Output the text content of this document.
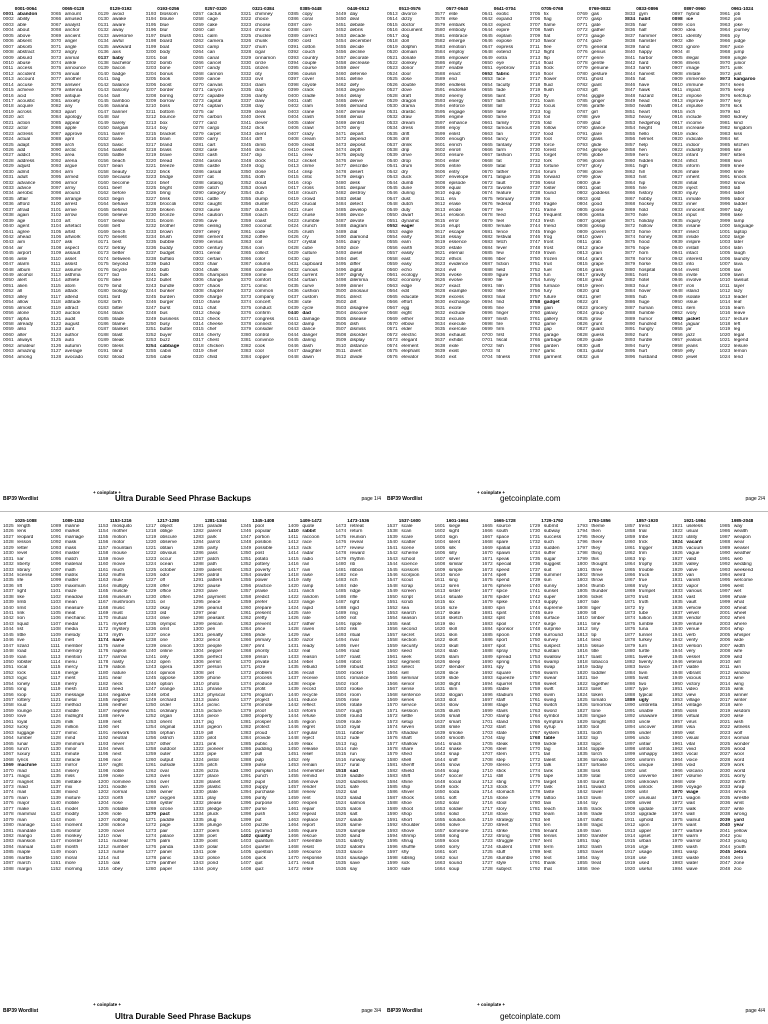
0001-0064
0001 abandon
0002 ability
0003 able
0004 about
0005 above
0006 absent
0007 absorb
0008 abstract
0009 absurd
0010 abuse
0011 access
0012 accident
0013 account
0014 accuse
0015 achieve
0016 acid
0017 acoustic
0018 acquire
0019 across
0020 act
0021 action
0022 actor
0023 actress
0024 actual
0025 adapt
0026 add
0027 addict
0028 address
0029 adjust
0030 admit
0031 adult
0032 advance
0033 advice
0034 aerobic
0035 affair
0036 afford
0037 afraid
0038 again
0039 age
0040 agent
0041 agree
0042 ahead
0043 aim
0044 air
0045 airport
0046 aisle
0047 alarm
0048 album
0049 alcohol
0050 alert
0051 alien
0052 all
0053 alley
0054 allow
0055 almost
0056 alone
0057 alpha
0058 already
0059 also
0060 alter
0061 always
0062 amateur
0063 amazing
0064 among
0065-0128
0065 amount
0066 amused
0067 analyst
0068 anchor
0069 ancient
0070 anger
0071 angle
0072 angry
0073 animal
0074 ankle
0075 announce
0076 annual
0077 another
0078 answer
0079 antenna
0080 antique
0081 anxiety
0082 any
0083 apart
0084 apology
0085 appear
0086 apple
0087 approve
0088 april
0089 arch
0090 arctic
0091 area
0092 arena
0093 argue
0094 arm
0095 armed
0096 armor
0097 army
0098 around
0099 arrange
0100 arrest
0101 arrive
0102 arrow
0103 art
0104 artefact
0105 artist
0106 artwork
0107 ask
0108 aspect
0109 assault
0110 asset
0111 assist
0112 assume
0113 asthma
0114 athlete
0115 atom
0116 attack
0117 attend
0118 attitude
0119 attract
0120 auction
0121 audit
0122 august
0123 aunt
0124 author
0125 auto
0126 autumn
0127 average
0128 avocado
0129-0192
0129 avoid
0130 awake
0131 aware
0132 away
0133 awesome
0134 awful
0135 awkward
0136 axis
0137 baby
0138 bachelor
0139 bacon
0140 badge
0141 bag
0142 balance
0143 balcony
0144 ball
0145 bamboo
0146 banana
0147 banner
0148 bar
0149 barely
0150 bargain
0151 barrel
0152 base
0153 basic
0154 basket
0155 battle
0156 beach
0157 bean
0158 beauty
0159 because
0160 become
0161 beef
0162 before
0163 begin
0164 behave
0165 behind
0166 believe
0167 below
0168 belt
0169 bench
0170 benefit
0171 best
0172 betray
0173 better
0174 between
0175 beyond
0176 bicycle
0177 bid
0178 bike
0179 bind
0180 biology
0181 bird
0182 birth
0183 bitter
0184 black
0185 blade
0186 blame
0187 blanket
0188 blast
0189 bleak
0190 bless
0191 blind
0192 blood
0193-0256
0193 blossom
0194 blouse
0195 blue
0196 blur
0197 blush
0198 board
0199 boat
0200 body
0201 boil
0202 bomb
0203 bone
0204 bonus
0205 book
0206 boost
0207 border
0208 boring
0209 borrow
0210 boss
0211 bottom
0212 bounce
0213 box
0214 boy
0215 bracket
0216 brain
0217 brand
0218 brass
0219 brave
0220 bread
0221 breeze
0222 brick
0223 bridge
0224 brief
0225 bright
0226 bring
0227 brisk
0228 broccoli
0229 broken
0230 bronze
0231 broom
0232 brother
0233 brown
0234 brush
0235 bubble
0236 buddy
0237 budget
0238 buffalo
0239 build
0240 bulb
0241 bulk
0242 bullet
0243 bundle
0244 bunker
0245 burden
0246 burger
0247 burst
0248 bus
0249 business
0250 busy
0251 butter
0252 buyer
0253 buzz
0254 cabbage
0255 cabin
0256 cable
0257-0320
0257 cactus
0258 cage
0259 cake
0260 call
0261 calm
0262 camera
0263 camp
0264 can
0265 canal
0266 cancel
0267 candy
0268 cannon
0269 canoe
0270 canvas
0271 canyon
0272 capable
0273 capital
0274 captain
0275 car
0276 carbon
0277 card
0278 cargo
0279 carpet
0280 carry
0281 cart
0282 case
0283 cash
0284 casino
0285 castle
0286 casual
0287 cat
0288 catalog
0289 catch
0290 category
0291 cattle
0292 caught
0293 cause
0294 caution
0295 cave
0296 ceiling
0297 celery
0298 cement
0299 census
0300 century
0301 cereal
0302 certain
0303 chair
0304 chalk
0305 champion
0306 change
0307 chaos
0308 chapter
0309 charge
0310 chase
0311 chat
0312 cheap
0313 check
0314 cheese
0315 chef
0316 cherry
0317 chest
0318 chicken
0319 chief
0320 child
0321-0384
0321 chimney
0322 choice
0323 choose
0324 chronic
0325 chuckle
0326 chunk
0327 churn
0328 cigar
0329 cinnamon
0330 circle
0331 citizen
0332 city
0333 civil
0334 claim
0335 clap
0336 clarify
0337 claw
0338 clay
0339 clean
0340 clerk
0341 clever
0342 click
0343 client
0344 cliff
0345 climb
0346 clinic
0347 clip
0348 clock
0349 clog
0350 close
0351 cloth
0352 cloud
0353 clown
0354 club
0355 clump
0356 cluster
0357 clutch
0358 coach
0359 coast
0360 coconut
0361 code
0362 coffee
0363 coil
0364 coin
0365 collect
0366 color
0367 column
0368 combine
0369 come
0370 comfort
0371 comic
0372 common
0373 company
0374 concert
0375 conduct
0376 confirm
0377 congress
0378 connect
0379 consider
0380 control
0381 convince
0382 cook
0383 cool
0384 copper
0385-0448
0385 copy
0386 coral
0387 core
0388 corn
0389 correct
0390 cost
0391 cotton
0392 couch
0393 country
0394 couple
0395 course
0396 cousin
0397 cover
0398 coyote
0399 crack
0400 cradle
0401 craft
0402 cram
0403 crane
0404 crash
0405 crater
0406 crawl
0407 crazy
0408 cream
0409 credit
0410 creek
0411 crew
0412 cricket
0413 crime
0414 crisp
0415 critic
0416 crop
0417 cross
0418 crouch
0419 crowd
0420 crucial
0421 cruel
0422 cruise
0423 crumble
0424 crunch
0425 crush
0426 cry
0427 crystal
0428 cube
0429 culture
0430 cup
0431 cupboard
0432 curious
0433 current
0434 curtain
0435 curve
0436 cushion
0437 custom
0438 cute
0439 cycle
0440 dad
0441 damage
0442 damp
0443 dance
0444 danger
0445 daring
0446 dash
0447 daughter
0448 dawn
0449-0512
0449 day
0450 deal
0451 debate
0452 debris
0453 decade
0454 december
0455 decide
0456 decline
0457 decorate
0458 decrease
0459 deer
0460 defense
0461 define
0462 defy
0463 degree
0464 delay
0465 deliver
0466 demand
0467 demise
0468 denial
0469 dentist
0470 deny
0471 depart
0472 depend
0473 deposit
0474 depth
0475 deputy
0476 derive
0477 describe
0478 desert
0479 design
0480 desk
0481 despair
0482 destroy
0483 detail
0484 detect
0485 develop
0486 device
0487 devote
0488 diagram
0489 dial
0490 diamond
0491 diary
0492 dice
0493 diesel
0494 diet
0495 differ
0496 digital
0497 dignity
0498 dilemma
0499 dinner
0500 dinosaur
0501 direct
0502 dirt
0503 disagree
0504 discover
0505 disease
0506 dish
0507 dismiss
0508 disorder
0509 display
0510 distance
0511 divert
0512 divide
BIP39 Wordlist
+ coinplate +
page 1/4
0513-0576
0513 divorce
0514 dizzy
0515 doctor
0516 document
0517 dog
0518 doll
0519 dolphin
0520 domain
0521 donate
0522 donkey
0523 donor
0524 door
0525 dose
0526 double
0527 dove
0528 draft
0529 dragon
0530 drama
0531 drastic
0532 draw
0533 dream
0534 dress
0535 drift
0536 drill
0537 drink
0538 drip
0539 drive
0540 drop
0541 drum
0542 dry
0543 duck
0544 dumb
0545 dune
0546 during
0547 dust
0548 dutch
0549 duty
0550 dwarf
0551 dynamic
0552 eager
0553 eagle
0554 early
0555 earn
0556 earth
0557 easily
0558 east
0559 easy
0560 echo
0561 ecology
0562 economy
0563 edge
0564 edit
0565 educate
0566 effort
0567 egg
0568 eight
0569 either
0570 elbow
0571 elder
0572 electric
0573 elegant
0574 element
0575 elephant
0576 elevator
0577-0640
0577 elite
0578 else
0579 embark
0580 embody
0581 embrace
0582 emerge
0583 emotion
0584 employ
0585 empower
0586 empty
0587 enable
0588 enact
0589 end
0590 endless
0591 endorse
0592 enemy
0593 energy
0594 enforce
0595 engage
0596 engine
0597 enhance
0598 enjoy
0599 enlist
0600 enough
0601 enrich
0602 enroll
0603 ensure
0604 enter
0605 entire
0606 entry
0607 envelope
0608 episode
0609 equal
0610 equip
0611 era
0612 erase
0613 erode
0614 erosion
0615 error
0616 erupt
0617 escape
0618 essay
0619 essence
0620 estate
0621 eternal
0622 ethics
0623 evidence
0624 evil
0625 evoke
0626 evolve
0627 exact
0628 example
0629 excess
0630 exchange
0631 excite
0632 exclude
0633 excuse
0634 execute
0635 exercise
0636 exhaust
0637 exhibit
0638 exile
0639 exist
0640 exit
0641-0704
0641 exotic
0642 expand
0643 expect
0644 expire
0645 explain
0646 expose
0647 express
0648 extend
0649 extra
0650 eye
0651 eyebrow
0652 fabric
0653 face
0654 faculty
0655 fade
0656 faint
0657 faith
0658 fall
0659 false
0660 fame
0661 family
0662 famous
0663 fan
0664 fancy
0665 fantasy
0666 farm
0667 fashion
0668 fat
0669 fatal
0670 father
0671 fatigue
0672 fault
0673 favorite
0674 feature
0675 february
0676 federal
0677 fee
0678 feed
0679 feel
0680 female
0681 fence
0682 festival
0683 fetch
0684 fever
0685 few
0686 fiber
0687 fiction
0688 field
0689 figure
0690 file
0691 film
0692 filter
0693 final
0694 find
0695 fine
0696 finger
0697 finish
0698 fire
0699 firm
0700 first
0701 fiscal
0702 fish
0703 fit
0704 fitness
0705-0768
0705 fix
0706 flag
0707 flame
0708 flash
0709 flat
0710 flavor
0711 flee
0712 flight
0713 flip
0714 float
0715 flock
0716 floor
0717 flower
0718 fluid
0719 flush
0720 fly
0721 foam
0722 focus
0723 fog
0724 foil
0725 fold
0726 follow
0727 food
0728 foot
0729 force
0730 forest
0731 forget
0732 fork
0733 fortune
0734 forum
0735 forward
0736 fossil
0737 foster
0738 found
0739 fox
0740 fragile
0741 frame
0742 frequent
0743 fresh
0744 friend
0745 fringe
0746 frog
0747 front
0748 frost
0749 frown
0750 frozen
0751 fruit
0752 fuel
0753 fun
0754 funny
0755 furnace
0756 fury
0757 future
0758 gadget
0759 gain
0760 galaxy
0761 gallery
0762 game
0763 gap
0764 garage
0765 garbage
0766 garden
0767 garlic
0768 garment
0769-0832
0769 gas
0770 gasp
0771 gate
0772 gather
0773 gauge
0774 gaze
0775 general
0776 genius
0777 genre
0778 gentle
0779 genuine
0780 gesture
0781 ghost
0782 giant
0783 gift
0784 giggle
0785 ginger
0786 giraffe
0787 girl
0788 give
0789 glad
0790 glance
0791 glare
0792 glass
0793 glide
0794 glimpse
0795 globe
0796 gloom
0797 glory
0798 glove
0799 glow
0800 glue
0801 goat
0802 goddess
0803 gold
0804 good
0805 goose
0806 gorilla
0807 gospel
0808 gossip
0809 govern
0810 gown
0811 grab
0812 grace
0813 grain
0814 grant
0815 grape
0816 grass
0817 gravity
0818 great
0819 green
0820 grid
0821 grief
0822 grit
0823 grocery
0824 group
0825 grow
0826 grunt
0827 guard
0828 guess
0829 guide
0830 guilt
0831 guitar
0832 gun
0833-0896
0833 gym
0834 habit
0835 hair
0836 half
0837 hammer
0838 hamster
0839 hand
0840 happy
0841 harbor
0842 hard
0843 harsh
0844 harvest
0845 hat
0846 have
0847 hawk
0848 hazard
0849 head
0850 health
0851 heart
0852 heavy
0853 hedgehog
0854 height
0855 hello
0856 helmet
0857 help
0858 hen
0859 hero
0860 hidden
0861 high
0862 hill
0863 hint
0864 hip
0865 hire
0866 history
0867 hobby
0868 hockey
0869 hold
0870 hole
0871 holiday
0872 hollow
0873 home
0874 honey
0875 hood
0876 hope
0877 horn
0878 horror
0879 horse
0880 hospital
0881 host
0882 hotel
0883 hour
0884 hover
0885 hub
0886 huge
0887 human
0888 humble
0889 humor
0890 hundred
0891 hungry
0892 hunt
0893 hurdle
0894 hurry
0895 hurt
0896 husband
0897-0960
0897 hybrid
0898 ice
0899 icon
0900 idea
0901 identify
0902 idle
0903 ignore
0904 ill
0905 illegal
0906 illness
0907 image
0908 imitate
0909 immense
0910 immune
0911 impact
0912 impose
0913 improve
0914 impulse
0915 inch
0916 include
0917 income
0918 increase
0919 index
0920 indicate
0921 indoor
0922 industry
0923 infant
0924 inflict
0925 inform
0926 inhale
0927 inherit
0928 initial
0929 inject
0930 injury
0931 inmate
0932 inner
0933 innocent
0934 input
0935 inquiry
0936 insane
0937 insect
0938 inside
0939 inspire
0940 install
0941 intact
0942 interest
0943 into
0944 invest
0945 invite
0946 involve
0947 iron
0948 island
0949 isolate
0950 issue
0951 item
0952 ivory
0953 jacket
0954 jaguar
0955 jar
0956 jazz
0957 jealous
0958 jeans
0959 jelly
0960 jewel
0961-1024
0961 job
0962 join
0963 joke
0964 journey
0965 joy
0966 judge
0967 juice
0968 jump
0969 jungle
0970 junior
0971 junk
0972 just
0973 kangaroo
0974 keen
0975 keep
0976 ketchup
0977 key
0978 kick
0979 kid
0980 kidney
0981 kind
0982 kingdom
0983 kiss
0984 kit
0985 kitchen
0986 kite
0987 kitten
0988 kiwi
0989 knee
0990 knife
0991 knock
0992 know
0993 lab
0994 label
0995 labor
0996 ladder
0997 lady
0998 lake
0999 lamp
1000 language
1001 laptop
1002 large
1003 later
1004 latin
1005 laugh
1006 laundry
1007 lava
1008 law
1009 lawn
1010 lawsuit
1011 layer
1012 lazy
1013 leader
1014 leaf
1015 learn
1016 leave
1017 lecture
1018 left
1019 leg
1020 legal
1021 legend
1022 leisure
1023 lemon
1024 lend
BIP39 Wordlist
+ coinplate +
page 2/4
Ultra Durable Seed Phrase Backups	getcoinplate.com
1025-1088
1025 length
1026 lens
1027 leopard
1028 lesson
1029 letter
1030 level
1031 liar
1032 liberty
1033 library
1034 license
1035 life
1036 lift
1037 light
1038 like
1039 limb
1040 limit
1041 link
1042 lion
1043 liquid
1044 list
1045 little
1046 live
1047 lizard
1048 load
1049 loan
1050 lobster
1051 local
1052 lock
1053 logic
1054 lonely
1055 long
1056 loop
1057 lottery
1058 loud
1059 lounge
1060 love
1061 loyal
1062 lucky
1063 luggage
1064 lumber
1065 lunar
1066 lunch
1067 luxury
1068 lyrics
1069 machine
1070 mad
1071 magic
1072 magnet
1073 maid
1074 mail
1075 main
1076 major
1077 make
1078 mammal
1079 man
1080 manage
1081 mandate
1082 mango
1083 mansion
1084 manual
1085 maple
1086 marble
1087 march
1088 margin
1089-1152
1089 marine
1090 market
1091 marriage
1092 mask
1093 mass
1094 master
1095 match
1096 material
1097 math
1098 matrix
1099 matter
1100 maximum
1101 maze
1102 meadow
1103 mean
1104 measure
1105 meat
1106 mechanic
1107 medal
1108 media
1109 melody
1110 melt
1111 member
1112 memory
1113 mention
1114 menu
1115 mercy
1116 merge
1117 merit
1118 merry
1119 mesh
1120 message
1121 metal
1122 method
1123 middle
1124 midnight
1125 milk
1126 million
1127 mimic
1128 mind
1129 minimum
1130 minor
1131 minute
1132 miracle
1133 mirror
1134 misery
1135 miss
1136 mistake
1137 mix
1138 mixed
1139 mixture
1140 mobile
1141 model
1142 modify
1143 mom
1144 moment
1145 monitor
1146 monkey
1147 monster
1148 month
1149 moon
1150 moral
1151 more
1152 morning
1153-1216
1153 mosquito
1154 mother
1155 motion
1156 motor
1157 mountain
1158 mouse
1159 move
1160 movie
1161 much
1162 muffin
1163 mule
1164 multiply
1165 muscle
1166 museum
1167 mushroom
1168 music
1169 must
1170 mutual
1171 myself
1172 mystery
1173 myth
1174 naive
1175 name
1176 napkin
1177 narrow
1178 nasty
1179 nation
1180 nature
1181 near
1182 neck
1183 need
1184 negative
1185 neglect
1186 neither
1187 nephew
1188 nerve
1189 nest
1190 net
1191 network
1192 neutral
1193 never
1194 news
1195 next
1196 nice
1197 night
1198 noble
1199 noise
1200 nominee
1201 noodle
1202 normal
1203 north
1204 nose
1205 notable
1206 note
1207 nothing
1208 notice
1209 novel
1210 now
1211 nuclear
1212 number
1213 nurse
1214 nut
1215 oak
1216 obey
1217-1280
1217 object
1218 oblige
1219 obscure
1220 observe
1221 obtain
1222 obvious
1223 occur
1224 ocean
1225 october
1226 odor
1227 off
1228 offer
1229 office
1230 often
1231 oil
1232 okay
1233 old
1234 olive
1235 olympic
1236 omit
1237 once
1238 one
1239 onion
1240 online
1241 only
1242 open
1243 opera
1244 opinion
1245 oppose
1246 option
1247 orange
1248 orbit
1249 orchard
1250 order
1251 ordinary
1252 organ
1253 orient
1254 original
1255 orphan
1256 ostrich
1257 other
1258 outdoor
1259 outer
1260 output
1261 outside
1262 oval
1263 oven
1264 over
1265 own
1266 owner
1267 oxygen
1268 oyster
1269 ozone
1270 pact
1271 paddle
1272 page
1273 pair
1274 palace
1275 palm
1276 panda
1277 panel
1278 panic
1279 panther
1280 paper
1281-1344
1281 parade
1282 parent
1283 park
1284 parrot
1285 party
1286 pass
1287 patch
1288 path
1289 patient
1290 patrol
1291 pattern
1292 pause
1293 pave
1294 payment
1295 peace
1296 peanut
1297 pear
1298 peasant
1299 pelican
1300 pen
1301 penalty
1302 pencil
1303 people
1304 pepper
1305 perfect
1306 permit
1307 person
1308 pet
1309 phone
1310 photo
1311 phrase
1312 physical
1313 piano
1314 picnic
1315 picture
1316 piece
1317 pig
1318 pigeon
1319 pill
1320 pilot
1321 pink
1322 pioneer
1323 pipe
1324 pistol
1325 pitch
1326 pizza
1327 place
1328 planet
1329 plastic
1330 plate
1331 play
1332 please
1333 pledge
1334 pluck
1335 plug
1336 plunge
1337 poem
1338 poet
1339 point
1340 polar
1341 pole
1342 police
1343 pond
1344 pony
1345-1408
1345 pool
1346 popular
1347 portion
1348 position
1349 possible
1350 post
1351 potato
1352 pottery
1353 poverty
1354 powder
1355 power
1356 practice
1357 praise
1358 predict
1359 prefer
1360 prepare
1361 present
1362 pretty
1363 prevent
1364 price
1365 pride
1366 primary
1367 print
1368 priority
1369 prison
1370 private
1371 prize
1372 problem
1373 process
1374 produce
1375 profit
1376 program
1377 project
1378 promote
1379 proof
1380 property
1381 prosper
1382 protect
1383 proud
1384 provide
1385 public
1386 pudding
1387 pull
1388 pulp
1389 pulse
1390 pumpkin
1391 punch
1392 pupil
1393 puppy
1394 purchase
1395 purity
1396 purpose
1397 purse
1398 push
1399 put
1400 puzzle
1401 pyramid
1402 quality
1403 quantum
1404 quarter
1405 question
1406 quick
1407 quit
1408 quiz
1409-1472
1409 quote
1410 rabbit
1411 raccoon
1412 race
1413 rack
1414 radar
1415 radio
1416 rail
1417 rain
1418 raise
1419 rally
1420 ramp
1421 ranch
1422 random
1423 range
1424 rapid
1425 rare
1426 rate
1427 rather
1428 raven
1429 raw
1430 razor
1431 ready
1432 real
1433 reason
1434 rebel
1435 rebuild
1436 recall
1437 receive
1438 recipe
1439 record
1440 recycle
1441 reduce
1442 reflect
1443 reform
1444 refuse
1445 region
1446 regret
1447 regular
1448 reject
1449 relax
1450 release
1451 relief
1452 rely
1453 remain
1454 remember
1455 remind
1456 remove
1457 render
1458 renew
1459 rent
1460 reopen
1461 repair
1462 repeat
1463 replace
1464 report
1465 require
1466 rescue
1467 resemble
1468 resist
1469 resource
1470 response
1471 result
1472 retire
1473-1536
1473 retreat
1474 return
1475 reunion
1476 reveal
1477 review
1478 reward
1479 rhythm
1480 rib
1481 ribbon
1482 rice
1483 rich
1484 ride
1485 ridge
1486 rifle
1487 right
1488 rigid
1489 ring
1490 riot
1491 ripple
1492 risk
1493 ritual
1494 rival
1495 river
1496 road
1497 roast
1498 robot
1499 robust
1500 rocket
1501 romance
1502 roof
1503 rookie
1504 room
1505 rose
1506 rotate
1507 rough
1508 round
1509 route
1510 royal
1511 rubber
1512 rude
1513 rug
1514 rule
1515 run
1516 runway
1517 rural
1518 sad
1519 saddle
1520 sadness
1521 safe
1522 sail
1523 salad
1524 salmon
1525 salon
1526 salt
1527 salute
1528 same
1529 sample
1530 sand
1531 satisfy
1532 satoshi
1533 sauce
1534 sausage
1535 save
1536 say
BIP39 Wordlist
+ coinplate +
page 3/4
1537-1600
1537 scale
1538 scan
1539 scare
1540 scatter
1541 scene
1542 scheme
1543 school
1544 science
1545 scissors
1546 scorpion
1547 scout
1548 scrap
1549 screen
1550 script
1551 scrub
1552 sea
1553 search
1554 season
1555 seat
1556 second
1557 secret
1558 section
1559 security
1560 seed
1561 seek
1562 segment
1563 select
1564 sell
1565 seminar
1566 senior
1567 sense
1568 sentence
1569 series
1570 service
1571 session
1572 settle
1573 setup
1574 seven
1575 shadow
1576 shaft
1577 shallow
1578 share
1579 shed
1580 shell
1581 sheriff
1582 shield
1583 shift
1584 shine
1585 ship
1586 shiver
1587 shock
1588 shoe
1589 shoot
1590 shop
1591 short
1592 shoulder
1593 shove
1594 shrimp
1595 shrug
1596 shuffle
1597 shy
1598 sibling
1599 sick
1600 side
1601-1664
1601 siege
1602 sight
1603 sign
1604 silent
1605 silk
1606 silly
1607 silver
1608 similar
1609 simple
1610 since
1611 sing
1612 siren
1613 sister
1614 situate
1615 six
1616 size
1617 skate
1618 sketch
1619 ski
1620 skill
1621 skin
1622 skirt
1623 skull
1624 slab
1625 slam
1626 sleep
1627 slender
1628 slice
1629 slide
1630 slight
1631 slim
1632 slogan
1633 slot
1634 slow
1635 slush
1636 small
1637 smart
1638 smile
1639 smoke
1640 smooth
1641 snack
1642 snake
1643 snap
1644 sniff
1645 snow
1646 soap
1647 soccer
1648 social
1649 sock
1650 soda
1651 soft
1652 solar
1653 soldier
1654 solid
1655 solution
1656 solve
1657 someone
1658 song
1659 soon
1660 sorry
1661 sort
1662 soul
1663 sound
1664 soup
1665-1728
1665 source
1666 south
1667 space
1668 spare
1669 spatial
1670 spawn
1671 speak
1672 special
1673 speed
1674 spell
1675 spend
1676 sphere
1677 spice
1678 spider
1679 spike
1680 spin
1681 spirit
1682 split
1683 spoil
1684 sponsor
1685 spoon
1686 sport
1687 spot
1688 spray
1689 spread
1690 spring
1691 spy
1692 square
1693 squeeze
1694 squirrel
1695 stable
1696 stadium
1697 staff
1698 stage
1699 stairs
1700 stamp
1701 stand
1702 start
1703 state
1704 stay
1705 steak
1706 steel
1707 stem
1708 step
1709 stereo
1710 stick
1711 still
1712 sting
1713 stock
1714 stomach
1715 stone
1716 stool
1717 story
1718 stove
1719 strategy
1720 street
1721 strike
1722 strong
1723 struggle
1724 student
1725 stuff
1726 stumble
1727 style
1728 subject
1729-1792
1729 submit
1730 subway
1731 success
1732 such
1733 sudden
1734 suffer
1735 sugar
1736 suggest
1737 suit
1738 summer
1739 sun
1740 sunny
1741 sunset
1742 super
1743 supply
1744 supreme
1745 sure
1746 surface
1747 surge
1748 surprise
1749 surround
1750 survey
1751 suspect
1752 sustain
1753 swallow
1754 swamp
1755 swap
1756 swarm
1757 swear
1758 sweet
1759 swift
1760 swim
1761 swing
1762 switch
1763 sword
1764 symbol
1765 symptom
1766 syrup
1767 system
1768 table
1769 tackle
1770 tag
1771 tail
1772 talent
1773 talk
1774 tank
1775 tape
1776 target
1777 task
1778 taste
1779 tattoo
1780 taxi
1781 teach
1782 team
1783 tell
1784 ten
1785 tenant
1786 tennis
1787 tent
1788 term
1789 test
1790 text
1791 thank
1792 that
1793-1856
1793 theme
1794 then
1795 theory
1796 there
1797 they
1798 thing
1799 this
1800 thought
1801 three
1802 thrive
1803 throw
1804 thumb
1805 thunder
1806 ticket
1807 tide
1808 tiger
1809 tilt
1810 timber
1811 time
1812 tiny
1813 tip
1814 tired
1815 tissue
1816 title
1817 toast
1818 tobacco
1819 today
1820 toddler
1821 toe
1822 together
1823 toilet
1824 token
1825 tomato
1826 tomorrow
1827 tone
1828 tongue
1829 tonight
1830 tool
1831 tooth
1832 top
1833 topic
1834 topple
1835 torch
1836 tornado
1837 tortoise
1838 toss
1839 total
1840 tourist
1841 toward
1842 tower
1843 town
1844 toy
1845 track
1846 trade
1847 traffic
1848 tragic
1849 train
1850 transfer
1851 trap
1852 trash
1853 travel
1854 tray
1855 treat
1856 tree
1857-1920
1857 trend
1858 trial
1859 tribe
1860 trick
1861 trigger
1862 trim
1863 trip
1864 trophy
1865 trouble
1866 truck
1867 true
1868 truly
1869 trumpet
1870 trust
1871 truth
1872 try
1873 tube
1874 tuition
1875 tumble
1876 tuna
1877 tunnel
1878 turkey
1879 turn
1880 turtle
1881 twelve
1882 twenty
1883 twice
1884 twin
1885 twist
1886 two
1887 type
1888 typical
1889 ugly
1890 umbrella
1891 unable
1892 unaware
1893 uncle
1894 uncover
1895 under
1896 undo
1897 unfair
1898 unfold
1899 unhappy
1900 uniform
1901 unique
1902 unit
1903 universe
1904 unknown
1905 unlock
1906 until
1907 unusual
1908 unveil
1909 update
1910 upgrade
1911 uphold
1912 upon
1913 upper
1914 upset
1915 urban
1916 urge
1917 usage
1918 use
1919 used
1920 useful
1921-1984
1921 useless
1922 usual
1923 utility
1924 vacant
1925 vacuum
1926 vague
1927 valid
1928 valley
1929 valve
1930 van
1931 vanish
1932 vapor
1933 various
1934 vast
1935 vault
1936 vehicle
1937 velvet
1938 vendor
1939 venture
1940 venue
1941 verb
1942 verify
1943 version
1944 very
1945 vessel
1946 veteran
1947 viable
1948 vibrant
1949 vicious
1950 victory
1951 video
1952 view
1953 village
1954 vintage
1955 violin
1956 virtual
1957 virus
1958 visa
1959 visit
1960 visual
1961 vital
1962 vivid
1963 vocal
1964 voice
1965 void
1966 volcano
1967 volume
1968 vote
1969 voyage
1970 wage
1971 wagon
1972 wait
1973 walk
1974 wall
1975 walnut
1976 want
1977 warfare
1978 warm
1979 warrior
1980 wash
1981 wasp
1982 waste
1983 water
1984 wave
1985-2048
1985 way
1986 wealth
1987 weapon
1988 wear
1989 weasel
1990 weather
1991 web
1992 wedding
1993 weekend
1994 weird
1995 welcome
1996 west
1997 wet
1998 whale
1999 what
2000 wheat
2001 wheel
2002 when
2003 where
2004 whip
2005 whisper
2006 wide
2007 width
2008 wife
2009 wild
2010 will
2011 win
2012 window
2013 wine
2014 wing
2015 wink
2016 winner
2017 winter
2018 wire
2019 wisdom
2020 wise
2021 wish
2022 witness
2023 wolf
2024 woman
2025 wonder
2026 wood
2027 wool
2028 word
2029 work
2030 world
2031 worry
2032 worth
2033 wrap
2034 wreck
2035 wrestle
2036 wrist
2037 write
2038 wrong
2039 yard
2040 year
2041 yellow
2042 you
2043 young
2044 youth
2045 zebra
2046 zero
2047 zone
2048 zoo
BIP39 Wordlist
+ coinplate +
page 4/4
Ultra Durable Seed Phrase Backups	getcoinplate.com
